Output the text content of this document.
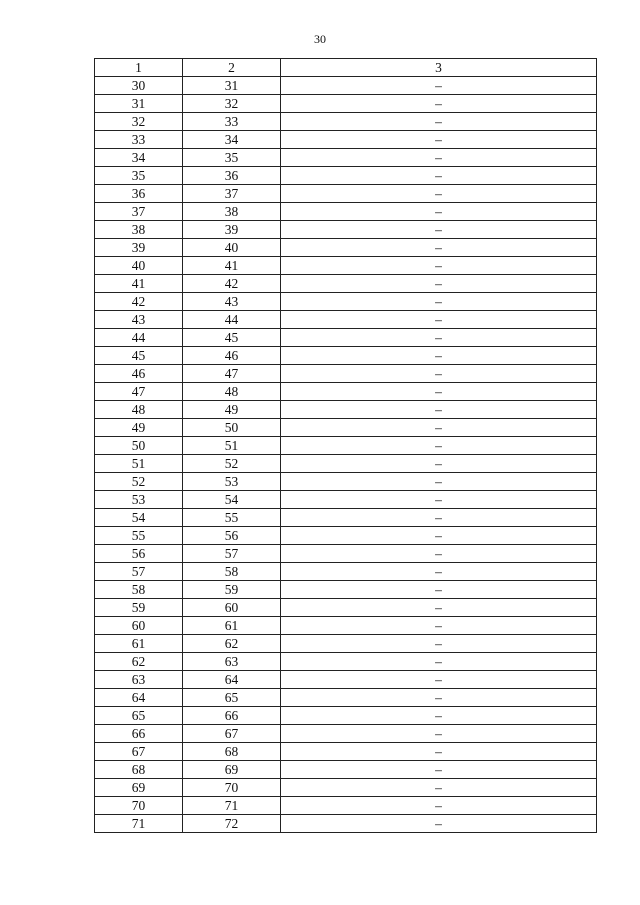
30
1	2	3
30	31	–
31	32	–
32	33	–
33	34	–
34	35	–
35	36	–
36	37	–
37	38	–
38	39	–
39	40	–
40	41	–
41	42	–
42	43	–
43	44	–
44	45	–
45	46	–
46	47	–
47	48	–
48	49	–
49	50	–
50	51	–
51	52	–
52	53	–
53	54	–
54	55	–
55	56	–
56	57	–
57	58	–
58	59	–
59	60	–
60	61	–
61	62	–
62	63	–
63	64	–
64	65	–
65	66	–
66	67	–
67	68	–
68	69	–
69	70	–
70	71	–
71	72	–
